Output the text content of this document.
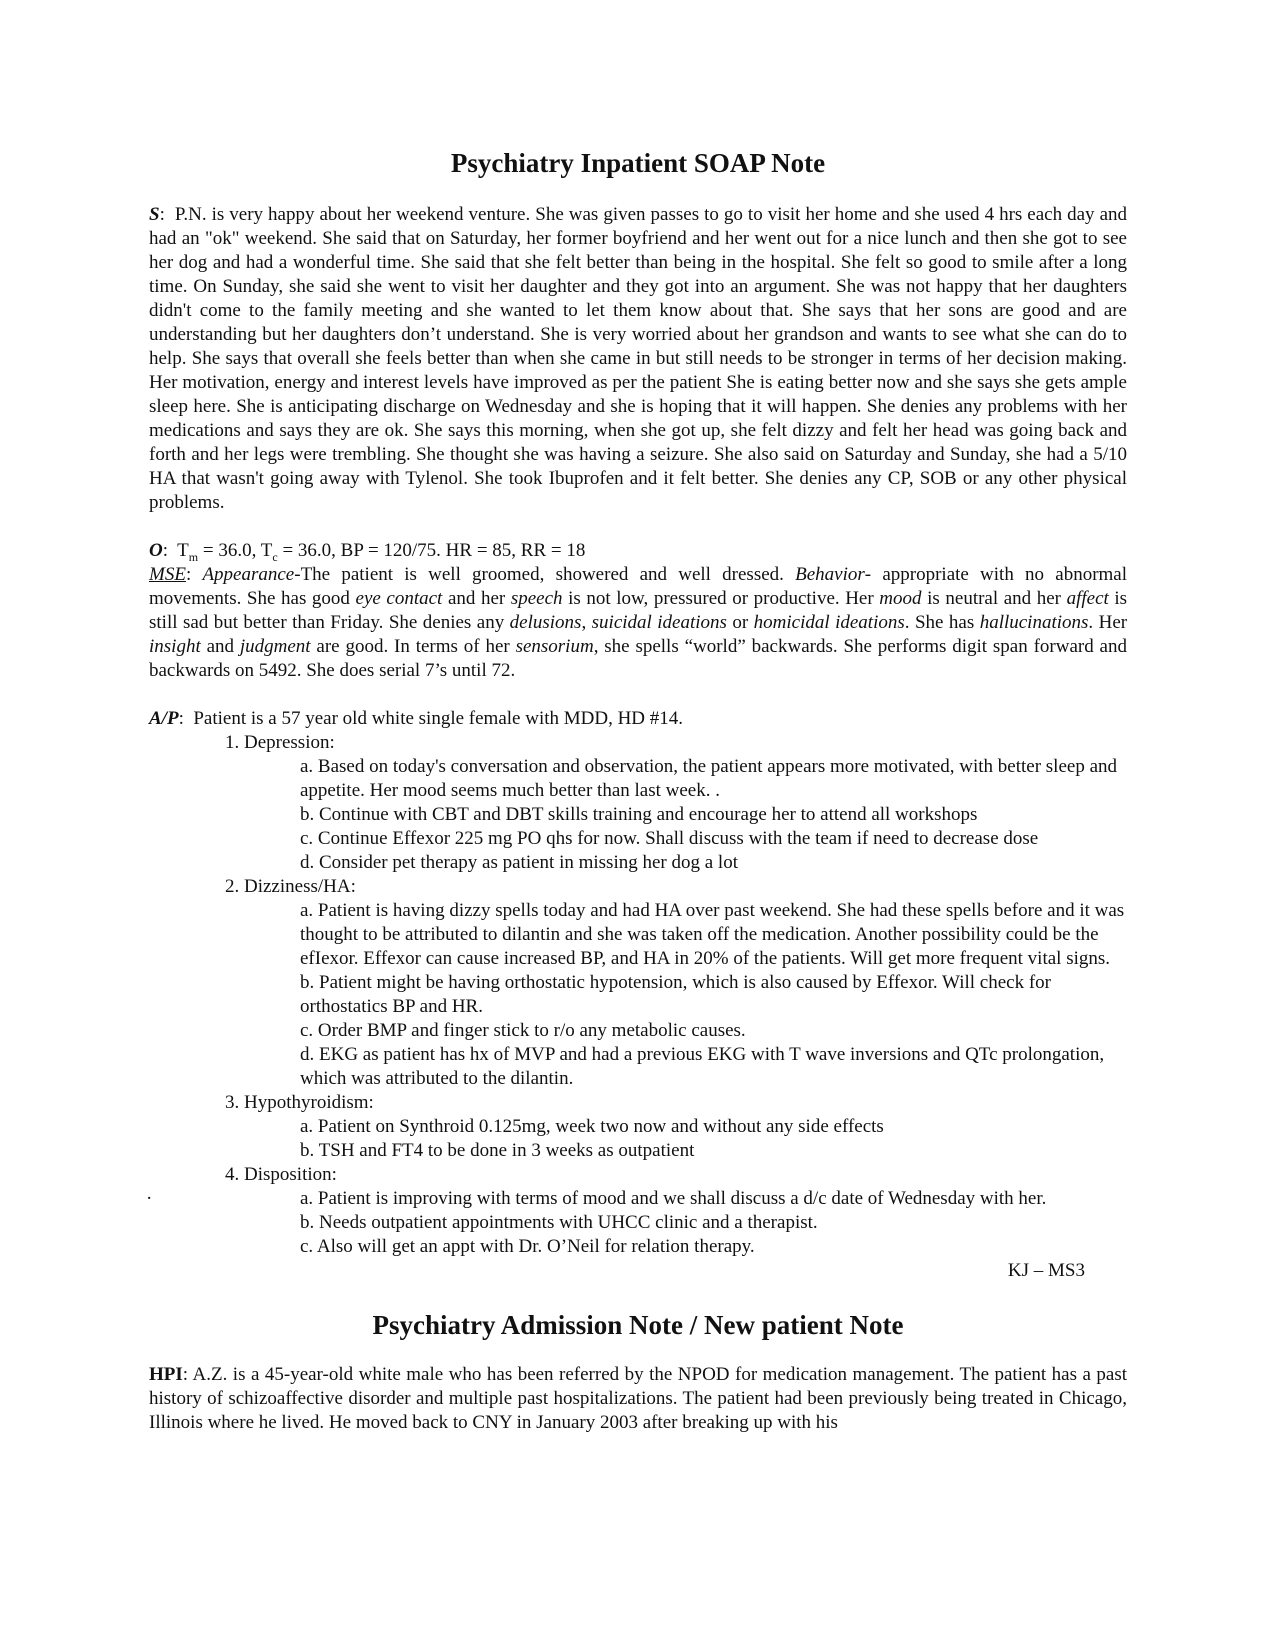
Psychiatry Inpatient SOAP Note

S:  P.N. is very happy about her weekend venture. She was given passes to go to visit her home and she used 4 hrs each day and had an "ok" weekend. She said that on Saturday, her former boyfriend and her went out for a nice lunch and then she got to see her dog and had a wonderful time. She said that she felt better than being in the hospital. She felt so good to smile after a long time. On Sunday, she said she went to visit her daughter and they got into an argument. She was not happy that her daughters didn't come to the family meeting and she wanted to let them know about that. She says that her sons are good and are understanding but her daughters don’t understand. She is very worried about her grandson and wants to see what she can do to help. She says that overall she feels better than when she came in but still needs to be stronger in terms of her decision making. Her motivation, energy and interest levels have improved as per the patient She is eating better now and she says she gets ample sleep here. She is anticipating discharge on Wednesday and she is hoping that it will happen. She denies any problems with her medications and says they are ok. She says this morning, when she got up, she felt dizzy and felt her head was going back and forth and her legs were trembling. She thought she was having a seizure. She also said on Saturday and Sunday, she had a 5/10 HA that wasn't going away with Tylenol. She took Ibuprofen and it felt better. She denies any CP, SOB or any other physical problems.

O:  $T_m = 36.0$, $T_c = 36.0$, BP = 120/75. HR = 85, RR = 18

MSE: Appearance-The patient is well groomed, showered and well dressed. Behavior- appropriate with no abnormal movements. She has good eye contact and her speech is not low, pressured or productive. Her mood is neutral and her affect is still sad but better than Friday. She denies any delusions, suicidal ideations or homicidal ideations. She has hallucinations. Her insight and judgment are good. In terms of her sensorium, she spells “world” backwards. She performs digit span forward and backwards on 5492. She does serial 7’s until 72.

A/P:  Patient is a 57 year old white single female with MDD, HD #14.

1. Depression:

a. Based on today's conversation and observation, the patient appears more motivated, with better sleep and appetite. Her mood seems much better than last week. .

b. Continue with CBT and DBT skills training and encourage her to attend all workshops

c. Continue Effexor 225 mg PO qhs for now. Shall discuss with the team if need to decrease dose

d. Consider pet therapy as patient in missing her dog a lot

2. Dizziness/HA:

a. Patient is having dizzy spells today and had HA over past weekend. She had these spells before and it was thought to be attributed to dilantin and she was taken off the medication. Another possibility could be the efIexor. Effexor can cause increased BP, and HA in 20% of the patients. Will get more frequent vital signs.

b. Patient might be having orthostatic hypotension, which is also caused by Effexor. Will check for orthostatics BP and HR.

c. Order BMP and finger stick to r/o any metabolic causes.

d. EKG as patient has hx of MVP and had a previous EKG with T wave inversions and QTc prolongation, which was attributed to the dilantin.

3. Hypothyroidism:

a. Patient on Synthroid 0.125mg, week two now and without any side effects

b. TSH and FT4 to be done in 3 weeks as outpatient

4. Disposition:
·	a. Patient is improving with terms of mood and we shall discuss a d/c date of Wednesday with her.

b. Needs outpatient appointments with UHCC clinic and a therapist.

c. Also will get an appt with Dr. O’Neil for relation therapy.

KJ – MS3
Psychiatry Admission Note / New patient Note

HPI: A.Z. is a 45-year-old white male who has been referred by the NPOD for medication management. The patient has a past history of schizoaffective disorder and multiple past hospitalizations. The patient had been previously being treated in Chicago, Illinois where he lived. He moved back to CNY in January 2003 after breaking up with his
